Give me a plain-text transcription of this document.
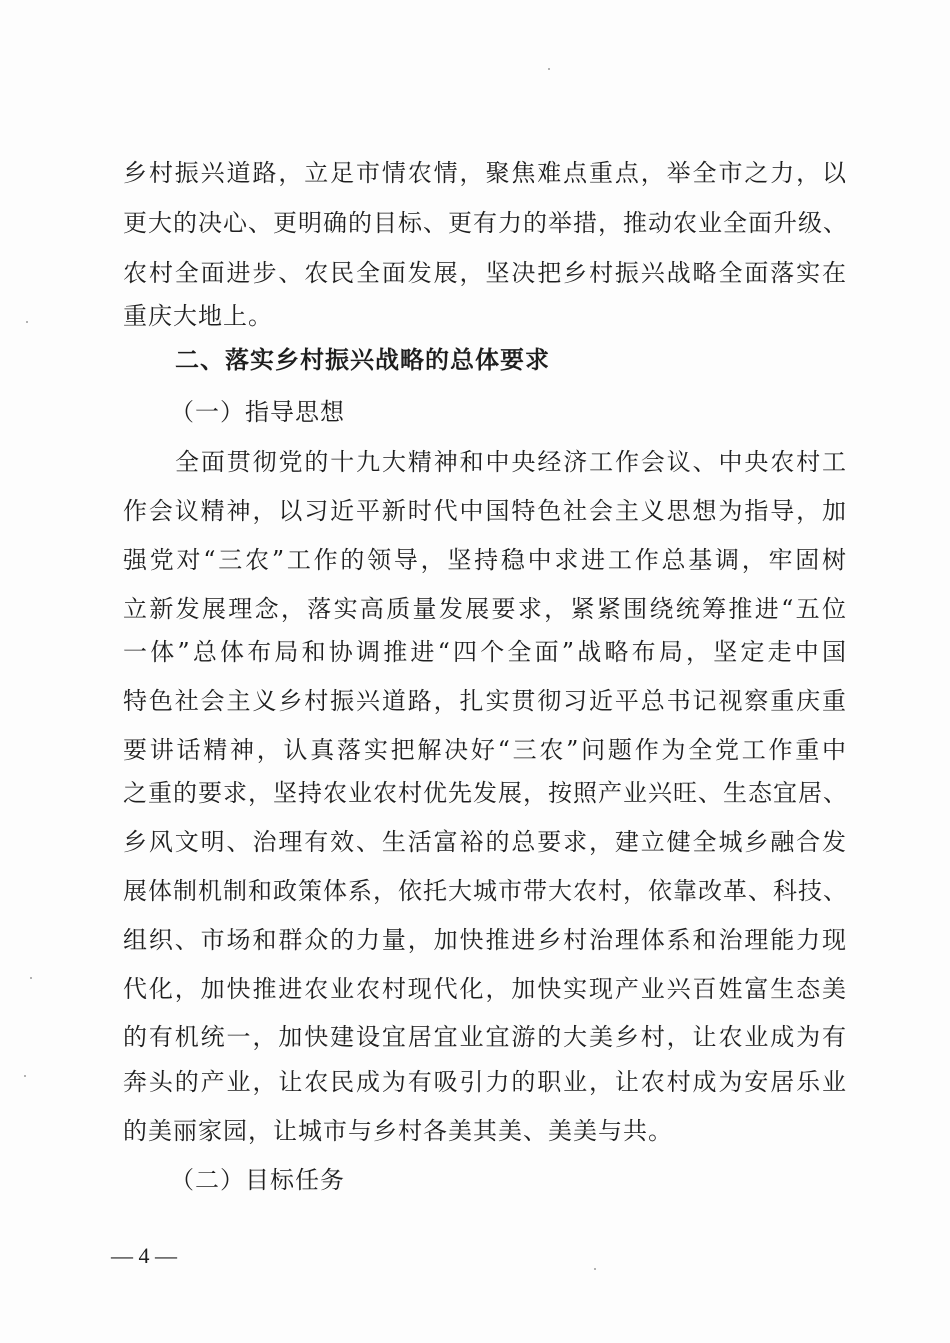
乡村振兴道路，立足市情农情，聚焦难点重点，举全市之力，以
更大的决心、更明确的目标、更有力的举措，推动农业全面升级、
农村全面进步、农民全面发展，坚决把乡村振兴战略全面落实在
重庆大地上。
二、落实乡村振兴战略的总体要求
（一）指导思想
全面贯彻党的十九大精神和中央经济工作会议、中央农村工
作会议精神，以习近平新时代中国特色社会主义思想为指导，加
强党对“三农”工作的领导，坚持稳中求进工作总基调，牢固树
立新发展理念，落实高质量发展要求，紧紧围绕统筹推进“五位
一体”总体布局和协调推进“四个全面”战略布局，坚定走中国
特色社会主义乡村振兴道路，扎实贯彻习近平总书记视察重庆重
要讲话精神，认真落实把解决好“三农”问题作为全党工作重中
之重的要求，坚持农业农村优先发展，按照产业兴旺、生态宜居、
乡风文明、治理有效、生活富裕的总要求，建立健全城乡融合发
展体制机制和政策体系，依托大城市带大农村，依靠改革、科技、
组织、市场和群众的力量，加快推进乡村治理体系和治理能力现
代化，加快推进农业农村现代化，加快实现产业兴百姓富生态美
的有机统一，加快建设宜居宜业宜游的大美乡村，让农业成为有
奔头的产业，让农民成为有吸引力的职业，让农村成为安居乐业
的美丽家园，让城市与乡村各美其美、美美与共。
（二）目标任务
— 4 —
